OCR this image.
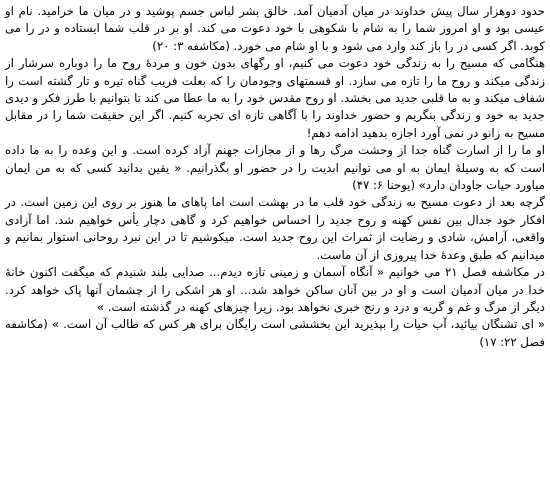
حدود دوهزار سال پیش خداوند در میان آدمیان آمد. خالق بشر لباس جسم پوشید و در میان ما خرامید. نام او عیسی بود و او امروز شما را به شام با شکوهی با خود دعوت می کند. او بر در قلب شما ایستاده و در را می کوبد. اگر کسی در را باز کند وارد می شود و با او شام می خورد. (مکاشفه ۳: ۲۰)

هنگامی که مسیح را به زندگی خود دعوت می کنیم، او رگهای بدون خون و مردهٔ روح ما را دوباره سرشار از زندگی میکند و روح ما را تازه می سازد. او قسمتهای وجودمان را که بعلت فریب گناه تیره و تار گشته است را شفاف میکند و به ما قلبی جدید می بخشد. او روح مقدس خود را به ما عطا می کند تا بتوانیم با طرز فکر و دیدی جدید به خود و زندگی بنگریم و حضور خداوند را با آگاهی تازه ای تجربه کنیم. اگر این حقیقت شما را در مقابل مسیح به زانو در نمی آورد اجازه بدهید ادامه دهم!

او ما را از اسارت گناه جدا از وحشت مرگ رها و از مجازات جهنم آزاد کرده است. و این وعده را به ما داده است که به وسیلهٔ ایمان به او می توانیم ابدیت را در حضور او بگذرانیم. « یقین بدانید کسی که به من ایمان میاورد حیات جاودان دارد» (یوحنا ۶: ۴۷)

گرچه بعد از دعوت مسیح به زندگی خود قلب ما در بهشت است اما پاهای ما هنوز بر روی این زمین است. در افکار خود جدال بین نفس کهنه و روح جدید را احساس خواهیم کرد و گاهی دچار یأس خواهیم شد. اما آزادی واقعی، آرامش، شادی و رضایت از ثمرات این روح جدید است. میکوشیم تا در این نبرد روحانی استوار بمانیم و میدانیم که طبق وعدهٔ خدا پیروزی از آن ماست.

در مکاشفه فصل ۲۱ می خوانیم « آنگاه آسمان و زمینی تازه دیدم... صدایی بلند شنیدم که میگفت اکنون خانهٔ خدا در میان آدمیان است و او در بین آنان ساکن خواهد شد... او هر اشکی را از چشمان آنها پاک خواهد کرد. دیگر از مرگ و غم و گریه و درد و رنج خبری نخواهد بود. زیرا چیزهای کهنه در گذشته است. »

« ای تشنگان بیائید، آب حیات را بپذیرید این بخششی است رایگان برای هر کس که طالب آن است. » (مکاشفه فصل ۲۲: ۱۷)
